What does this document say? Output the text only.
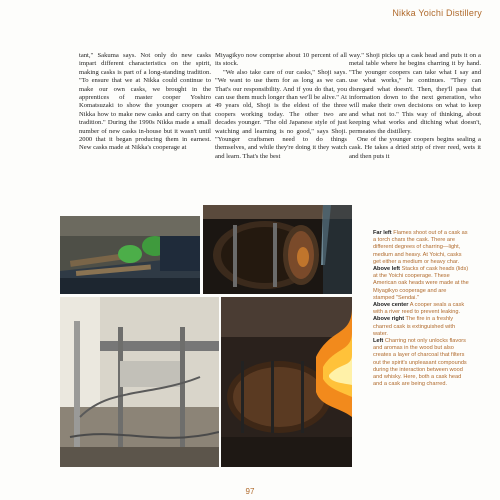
Nikka Yoichi Distillery

tant," Sakuma says. Not only do new casks impart different characteristics on the spirit, making casks is part of a long-standing tradition. "To ensure that we at Nikka could continue to make our own casks, we brought in the apprentices of master cooper Yoshiro Komatsuzaki to show the younger coopers at Nikka how to make new casks and carry on that tradition." During the 1990s Nikka made a small number of new casks in-house but it wasn't until 2000 that it began producing them in earnest. New casks made at Nikka's cooperage at

Miyagikyo now comprise about 10 percent of all its stock.

"We also take care of our casks," Shoji says. "We want to use them for as long as we can. That's our responsibility. And if you do that, you can use them much longer than we'll be alive." At 49 years old, Shoji is the eldest of the three coopers working today. The other two are decades younger. "The old Japanese style of just watching and learning is no good," says Shoji. "Younger craftsmen need to do things themselves, and while they're doing it they watch and learn. That's the best

way." Shoji picks up a cask head and puts it on a metal table where he begins charring it by hand. "The younger coopers can take what I say and use what works," he continues. "They can disregard what doesn't. Then, they'll pass that information down to the next generation, who will make their own decisions on what to keep and what not to." This way of thinking, about keeping what works and ditching what doesn't, permeates the distillery.

One of the younger coopers begins sealing a cask. He takes a dried strip of river reed, wets it and then puts it

Far left Flames shoot out of a cask as a torch chars the cask. There are different degrees of charring—light, medium and heavy. At Yoichi, casks get either a medium or heavy char.

Above left Stacks of cask heads (lids) at the Yoichi cooperage. These American oak heads were made at the Miyagikyo cooperage and are stamped "Sendai."

Above center A cooper seals a cask with a river reed to prevent leaking.

Above right The fire in a freshly charred cask is extinguished with water.

Left Charring not only unlocks flavors and aromas in the wood but also creates a layer of charcoal that filters out the spirit's unpleasant compounds during the interaction between wood and whisky. Here, both a cask head and a cask are being charred.

97
